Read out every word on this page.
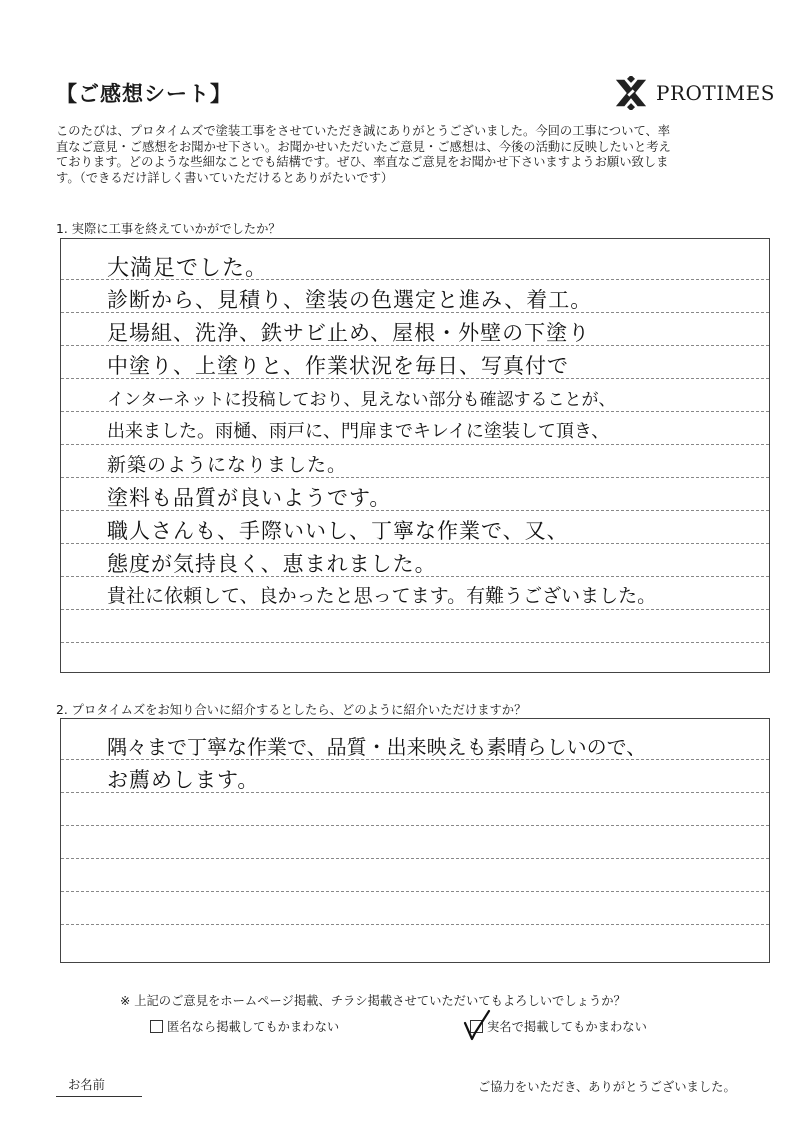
【ご感想シート】	PROTIMES
このたびは、プロタイムズで塗装工事をさせていただき誠にありがとうございました。今回の工事について、率
直なご意見・ご感想をお聞かせ下さい。お聞かせいただいたご意見・ご感想は、今後の活動に反映したいと考え
ております。どのような些細なことでも結構です。ぜひ、率直なご意見をお聞かせ下さいますようお願い致しま
す。（できるだけ詳しく書いていただけるとありがたいです）
1. 実際に工事を終えていかがでしたか？
大満足でした。
診断から、見積り、塗装の色選定と進み、着工。
足場組、洗浄、鉄サビ止め、屋根・外壁の下塗り
中塗り、上塗りと、作業状況を毎日、写真付で
インターネットに投稿しており、見えない部分も確認することが、
出来ました。雨樋、雨戸に、門扉までキレイに塗装して頂き、
新築のようになりました。
塗料も品質が良いようです。
職人さんも、手際いいし、丁寧な作業で、又、
態度が気持良く、恵まれました。
貴社に依頼して、良かったと思ってます。有難うございました。
2. プロタイムズをお知り合いに紹介するとしたら、どのように紹介いただけますか？
隅々まで丁寧な作業で、品質・出来映えも素晴らしいので、
お薦めします。
※ 上記のご意見をホームページ掲載、チラシ掲載させていただいてもよろしいでしょうか？
匿名なら掲載してもかまわない	実名で掲載してもかまわない
お名前	ご協力をいただき、ありがとうございました。
